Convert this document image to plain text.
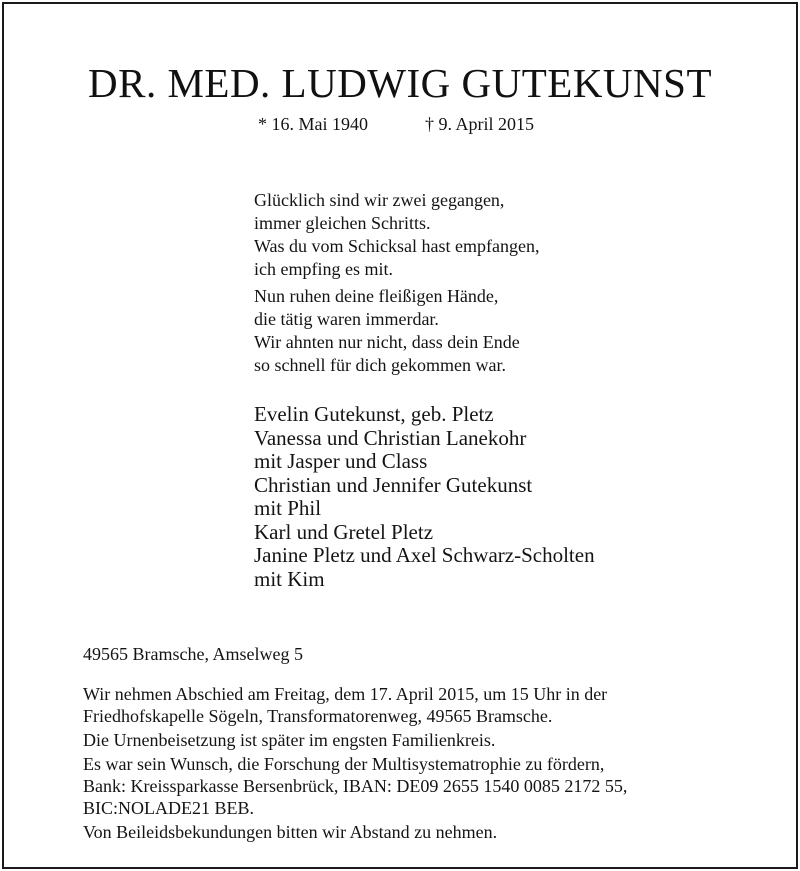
DR. MED. LUDWIG GUTEKUNST
* 16. Mai 1940	† 9. April 2015
Glücklich sind wir zwei gegangen,
immer gleichen Schritts.
Was du vom Schicksal hast empfangen,
ich empfing es mit.
Nun ruhen deine fleißigen Hände,
die tätig waren immerdar.
Wir ahnten nur nicht, dass dein Ende
so schnell für dich gekommen war.
Evelin Gutekunst, geb. Pletz
Vanessa und Christian Lanekohr
mit Jasper und Class
Christian und Jennifer Gutekunst
mit Phil
Karl und Gretel Pletz
Janine Pletz und Axel Schwarz-Scholten
mit Kim
49565 Bramsche, Amselweg 5
Wir nehmen Abschied am Freitag, dem 17. April 2015, um 15 Uhr in der
Friedhofskapelle Sögeln, Transformatorenweg, 49565 Bramsche.
Die Urnenbeisetzung ist später im engsten Familienkreis.
Es war sein Wunsch, die Forschung der Multisystematrophie zu fördern,
Bank: Kreissparkasse Bersenbrück, IBAN: DE09 2655 1540 0085 2172 55,
BIC:NOLADE21 BEB.
Von Beileidsbekundungen bitten wir Abstand zu nehmen.
